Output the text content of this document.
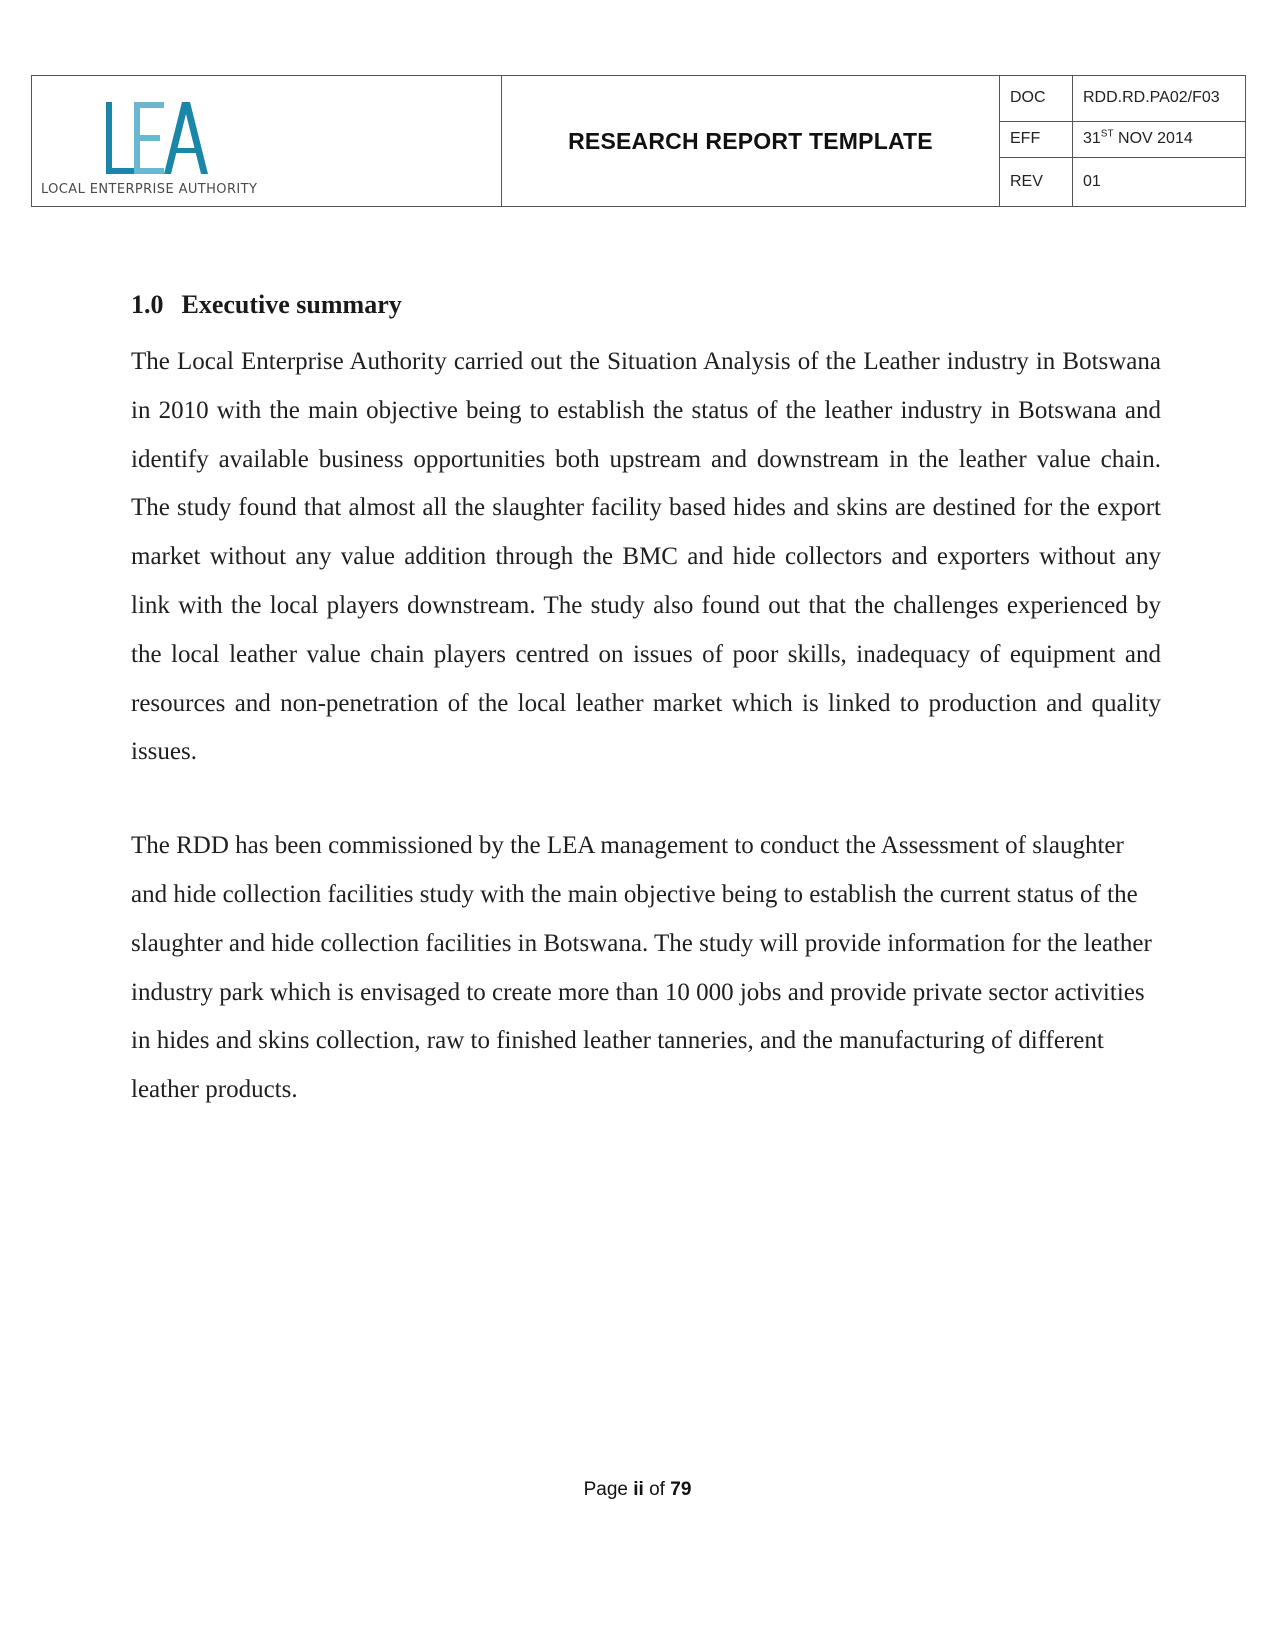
LOCAL ENTERPRISE AUTHORITY
RESEARCH REPORT TEMPLATE
DOC	RDD.RD.PA02/F03
EFF	31ST NOV 2014
REV	01
1.0 Executive summary

The Local Enterprise Authority carried out the Situation Analysis of the Leather industry in Botswana in 2010 with the main objective being to establish the status of the leather industry in Botswana and identify available business opportunities both upstream and downstream in the leather value chain. The study found that almost all the slaughter facility based hides and skins are destined for the export market without any value addition through the BMC and hide collectors and exporters without any link with the local players downstream. The study also found out that the challenges experienced by the local leather value chain players centred on issues of poor skills, inadequacy of equipment and resources and non-penetration of the local leather market which is linked to production and quality issues.

The RDD has been commissioned by the LEA management to conduct the Assessment of slaughter and hide collection facilities study with the main objective being to establish the current status of the slaughter and hide collection facilities in Botswana. The study will provide information for the leather industry park which is envisaged to create more than 10 000 jobs and provide private sector activities in hides and skins collection, raw to finished leather tanneries, and the manufacturing of different leather products.

Page ii of 79
